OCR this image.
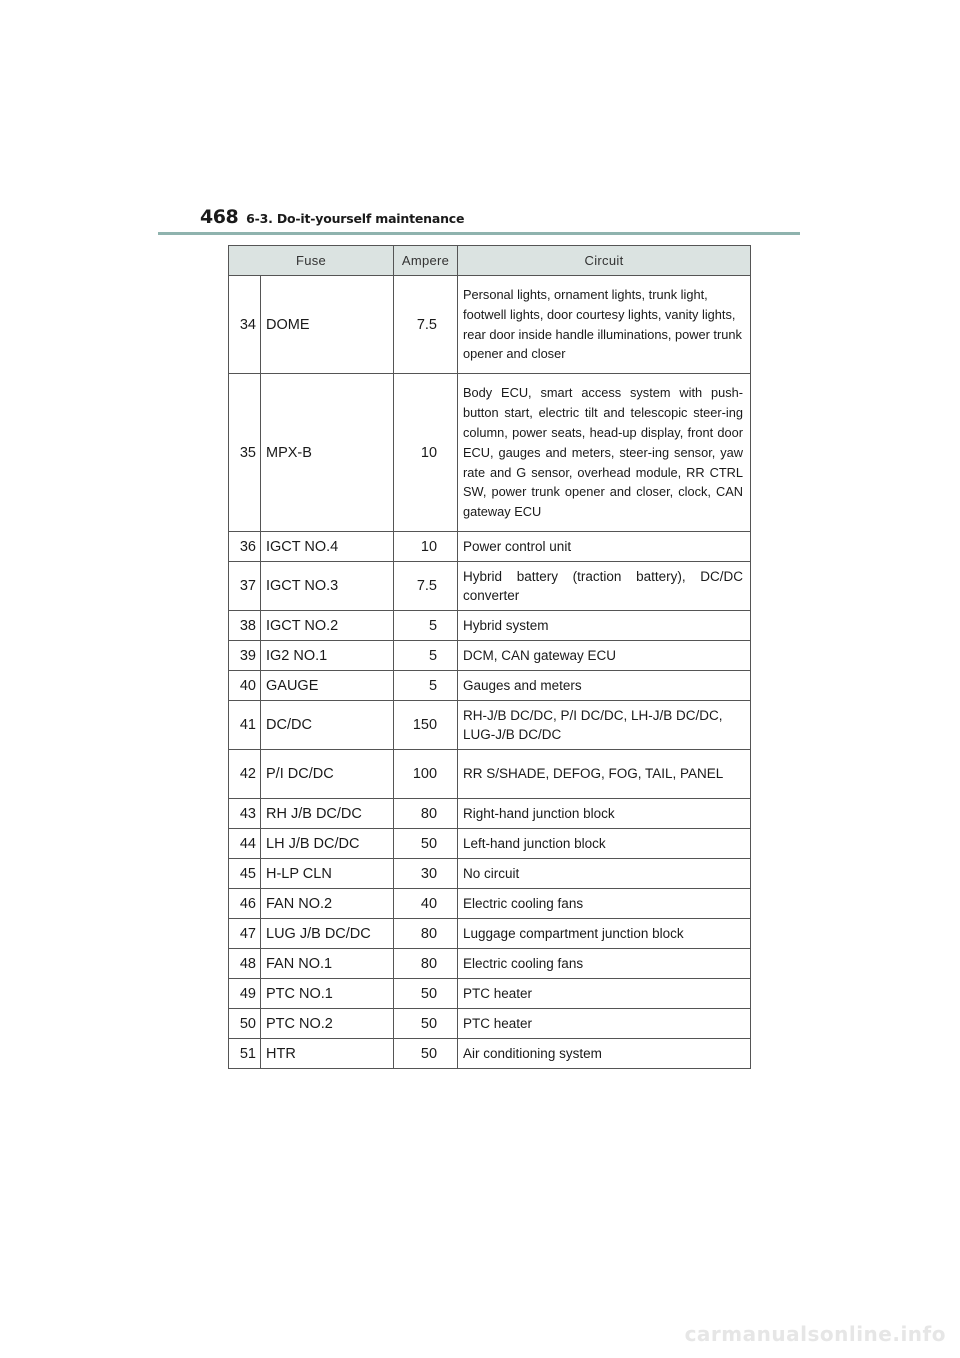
468 6-3. Do-it-yourself maintenance
Fuse		Ampere	Circuit
34	DOME	7.5	Personal lights, ornament lights, trunk light, footwell lights, door courtesy lights, vanity lights, rear door inside handle illuminations, power trunk opener and closer
35	MPX-B	10	Body ECU, smart access system with push-button start, electric tilt and telescopic steer-ing column, power seats, head-up display, front door ECU, gauges and meters, steer-ing sensor, yaw rate and G sensor, overhead module, RR CTRL SW, power trunk opener and closer, clock, CAN gateway ECU
36	IGCT NO.4	10	Power control unit
37	IGCT NO.3	7.5	Hybrid battery (traction battery), DC/DC converter
38	IGCT NO.2	5	Hybrid system
39	IG2 NO.1	5	DCM, CAN gateway ECU
40	GAUGE	5	Gauges and meters
41	DC/DC	150	RH-J/B DC/DC, P/I DC/DC, LH-J/B DC/DC, LUG-J/B DC/DC
42	P/I DC/DC	100	RR S/SHADE, DEFOG, FOG, TAIL, PANEL
43	RH J/B DC/DC	80	Right-hand junction block
44	LH J/B DC/DC	50	Left-hand junction block
45	H-LP CLN	30	No circuit
46	FAN NO.2	40	Electric cooling fans
47	LUG J/B DC/DC	80	Luggage compartment junction block
48	FAN NO.1	80	Electric cooling fans
49	PTC NO.1	50	PTC heater
50	PTC NO.2	50	PTC heater
51	HTR	50	Air conditioning system
carmanualsonline.info
